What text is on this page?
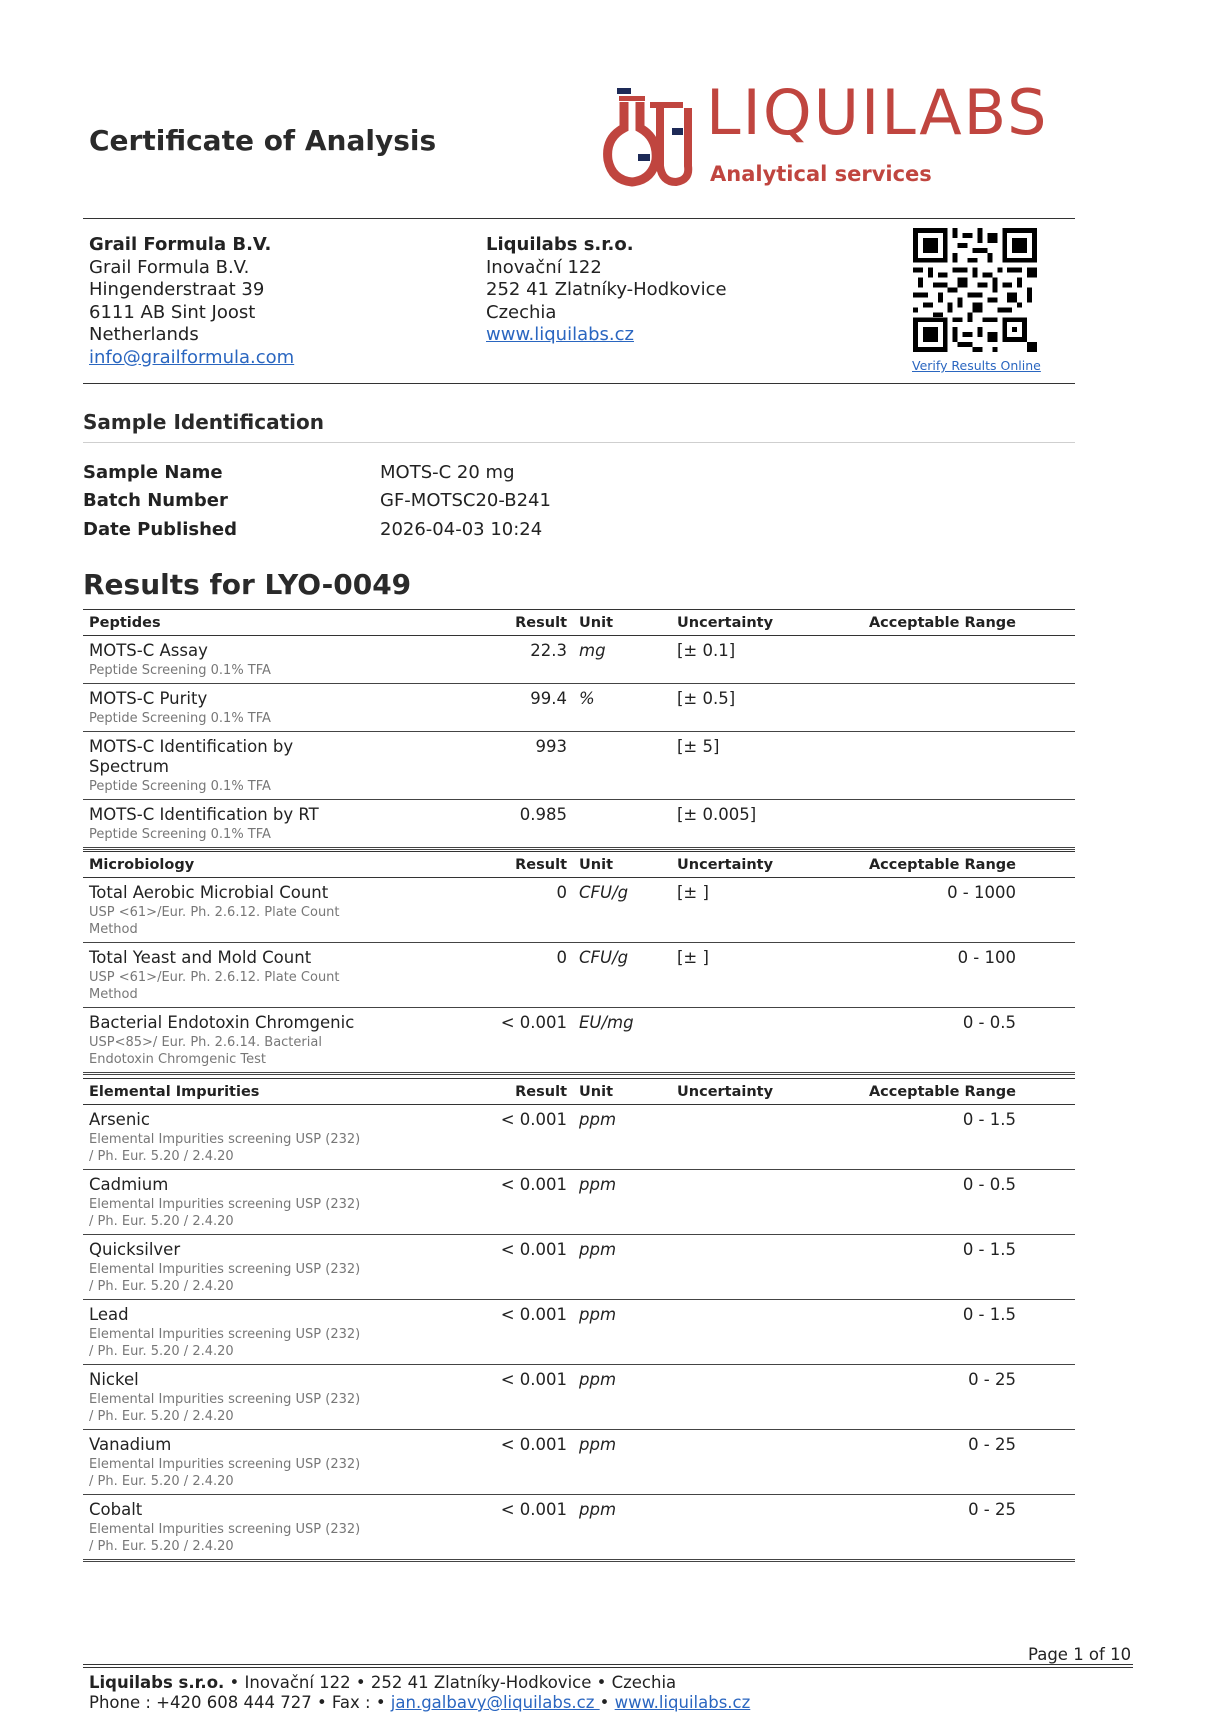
Certificate of Analysis	LIQUILABS
Analytical services
Grail Formula B.V.
Grail Formula B.V.
Hingenderstraat 39
6111 AB Sint Joost
Netherlands
info@grailformula.com
Liquilabs s.r.o.
Inovační 122
252 41 Zlatníky-Hodkovice
Czechia
www.liquilabs.cz
Verify Results Online
Sample Identification
Sample Name	MOTS-C 20 mg
Batch Number	GF-MOTSC20-B241
Date Published	2026-04-03 10:24
Results for LYO-0049
Peptides	Result	Unit	Uncertainty	Acceptable Range	

MOTS-C Assay
Peptide Screening 0.1% TFA	22.3	mg	[± 0.1]		

MOTS-C Purity
Peptide Screening 0.1% TFA	99.4	%	[± 0.5]		

MOTS-C Identification by Spectrum
Peptide Screening 0.1% TFA	993		[± 5]		

MOTS-C Identification by RT
Peptide Screening 0.1% TFA	0.985		[± 0.005]		
Microbiology	Result	Unit	Uncertainty	Acceptable Range	

Total Aerobic Microbial Count
USP <61>/Eur. Ph. 2.6.12. Plate Count Method	0	CFU/g	[± ]	0 - 1000	

Total Yeast and Mold Count
USP <61>/Eur. Ph. 2.6.12. Plate Count Method	0	CFU/g	[± ]	0 - 100	

Bacterial Endotoxin Chromgenic
USP<85>/ Eur. Ph. 2.6.14. Bacterial Endotoxin Chromgenic Test	< 0.001	EU/mg		0 - 0.5	
Elemental Impurities	Result	Unit	Uncertainty	Acceptable Range	

Arsenic
Elemental Impurities screening USP (232) / Ph. Eur. 5.20 / 2.4.20	< 0.001	ppm		0 - 1.5	

Cadmium
Elemental Impurities screening USP (232) / Ph. Eur. 5.20 / 2.4.20	< 0.001	ppm		0 - 0.5	

Quicksilver
Elemental Impurities screening USP (232) / Ph. Eur. 5.20 / 2.4.20	< 0.001	ppm		0 - 1.5	

Lead
Elemental Impurities screening USP (232) / Ph. Eur. 5.20 / 2.4.20	< 0.001	ppm		0 - 1.5	

Nickel
Elemental Impurities screening USP (232) / Ph. Eur. 5.20 / 2.4.20	< 0.001	ppm		0 - 25	

Vanadium
Elemental Impurities screening USP (232) / Ph. Eur. 5.20 / 2.4.20	< 0.001	ppm		0 - 25	

Cobalt
Elemental Impurities screening USP (232) / Ph. Eur. 5.20 / 2.4.20	< 0.001	ppm		0 - 25	
Page 1 of 10
Liquilabs s.r.o. • Inovační 122 • 252 41 Zlatníky-Hodkovice • Czechia
Phone : +420 608 444 727 • Fax : • jan.galbavy@liquilabs.cz • www.liquilabs.cz
